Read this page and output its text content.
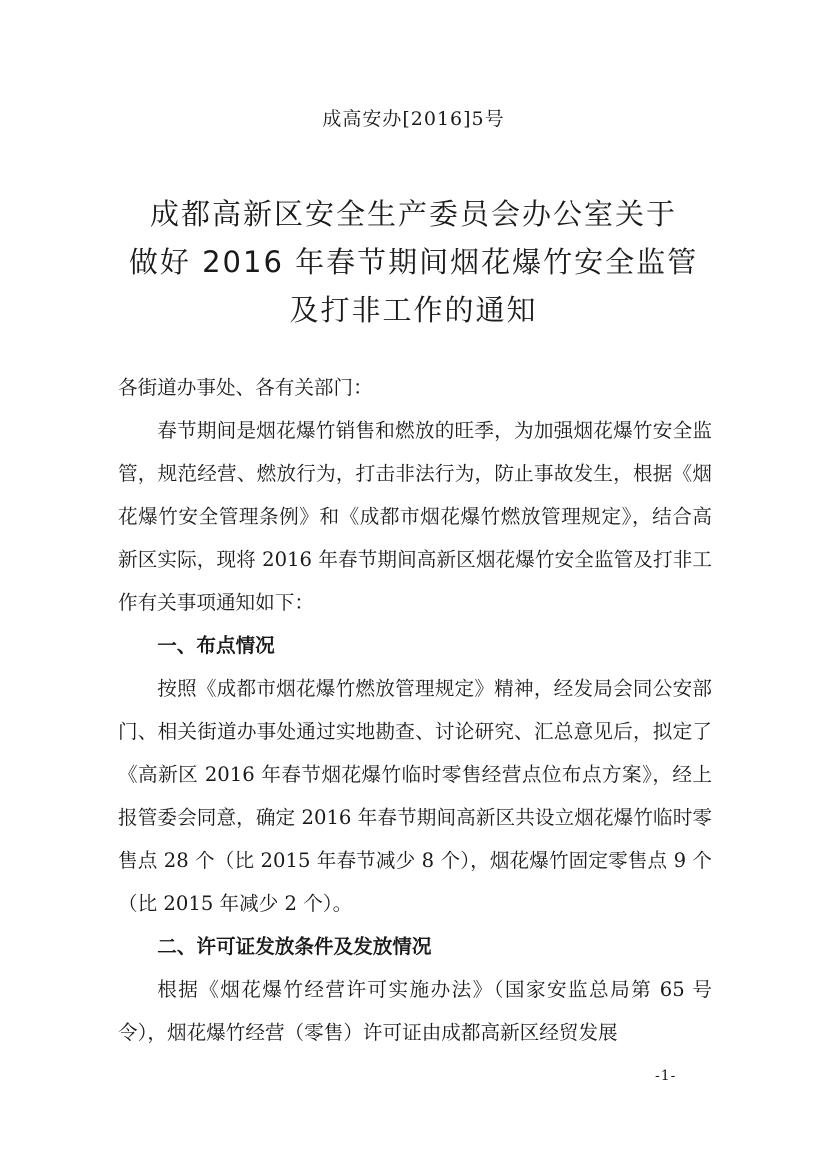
成高安办[2016]5号
成都高新区安全生产委员会办公室关于
做好 2016 年春节期间烟花爆竹安全监管
及打非工作的通知

各街道办事处、各有关部门：

春节期间是烟花爆竹销售和燃放的旺季，为加强烟花爆竹安全监管，规范经营、燃放行为，打击非法行为，防止事故发生，根据《烟花爆竹安全管理条例》和《成都市烟花爆竹燃放管理规定》，结合高新区实际，现将 2016 年春节期间高新区烟花爆竹安全监管及打非工作有关事项通知如下：

一、布点情况

按照《成都市烟花爆竹燃放管理规定》精神，经发局会同公安部门、相关街道办事处通过实地勘查、讨论研究、汇总意见后，拟定了《高新区 2016 年春节烟花爆竹临时零售经营点位布点方案》，经上报管委会同意，确定 2016 年春节期间高新区共设立烟花爆竹临时零售点 28 个（比 2015 年春节减少 8 个），烟花爆竹固定零售点 9 个（比 2015 年减少 2 个）。

二、许可证发放条件及发放情况

根据《烟花爆竹经营许可实施办法》（国家安监总局第 65 号令），烟花爆竹经营（零售）许可证由成都高新区经贸发展

-1-
